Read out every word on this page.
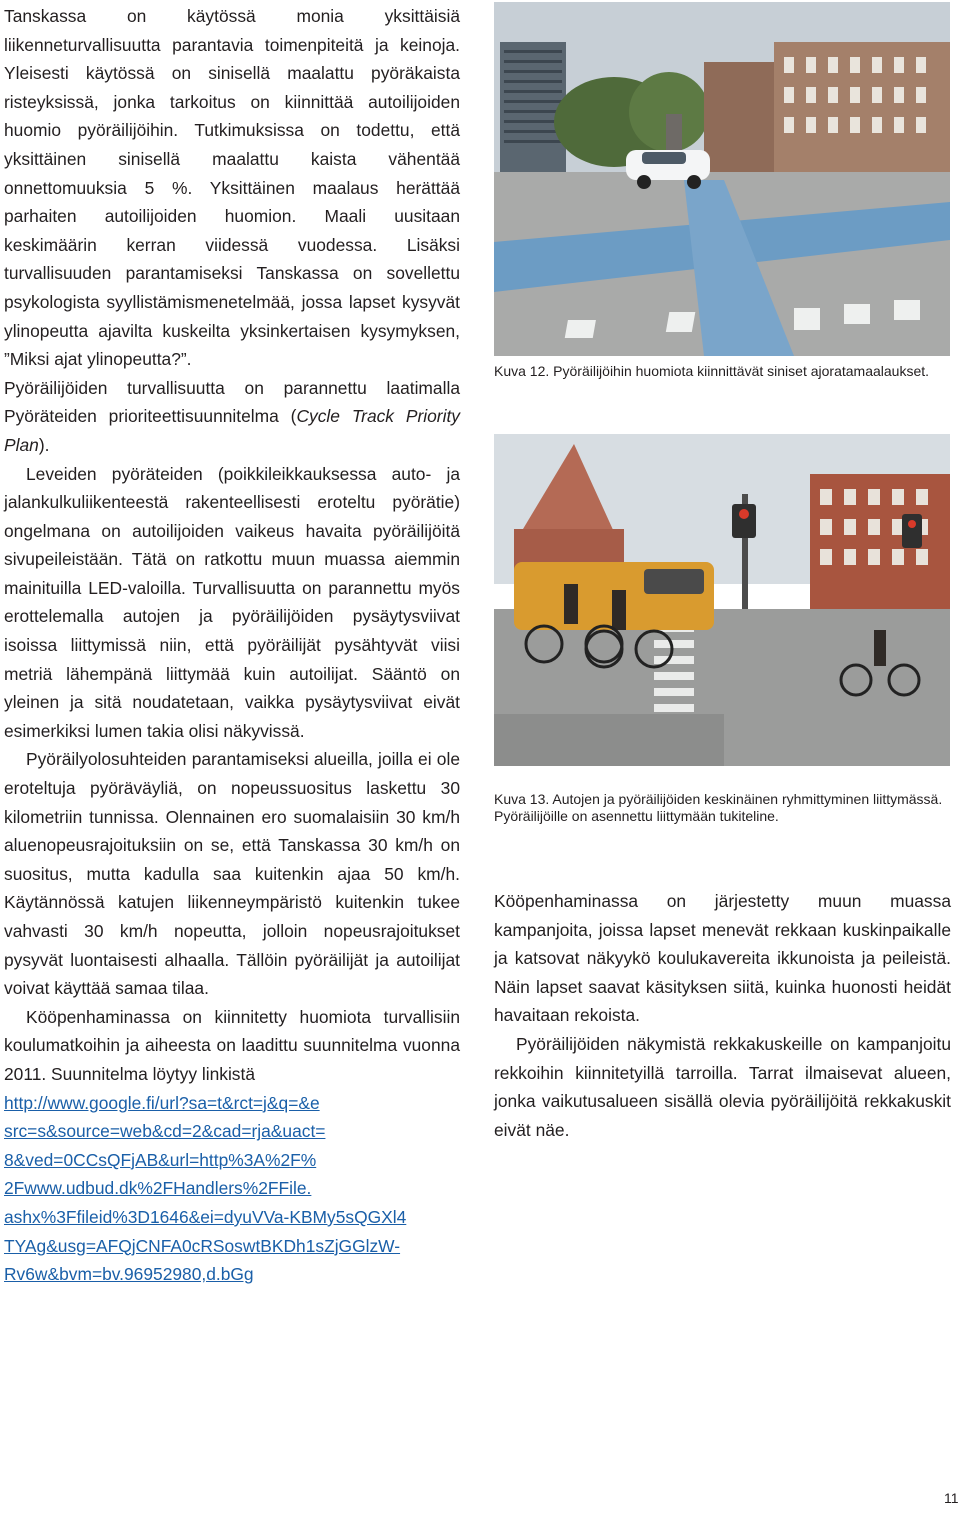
Tanskassa on käytössä monia yksittäisiä liikenneturvallisuutta parantavia toimenpiteitä ja keinoja. Yleisesti käytössä on sinisellä maalattu pyöräkaista risteyksissä, jonka tarkoitus on kiinnittää autoilijoiden huomio pyöräilijöihin. Tutkimuksissa on todettu, että yksittäinen sinisellä maalattu kaista vähentää onnettomuuksia 5 %. Yksittäinen maalaus herättää parhaiten autoilijoiden huomion. Maali uusitaan keskimäärin kerran viidessä vuodessa. Lisäksi turvallisuuden parantamiseksi Tanskassa on sovellettu psykologista syyllistämismenetelmää, jossa lapset kysyvät ylinopeutta ajavilta kuskeilta yksinkertaisen kysymyksen, ”Miksi ajat ylinopeutta?”.

Pyöräilijöiden turvallisuutta on parannettu laatimalla Pyöräteiden prioriteettisuunnitelma (Cycle Track Priority Plan).

Leveiden pyöräteiden (poikkileikkauksessa auto- ja jalankulkuliikenteestä rakenteellisesti eroteltu pyörätie) ongelmana on autoilijoiden vaikeus havaita pyöräilijöitä sivupeileistään. Tätä on ratkottu muun muassa aiemmin mainituilla LED-valoilla. Turvallisuutta on parannettu myös erottelemalla autojen ja pyöräilijöiden pysäytysviivat isoissa liittymissä niin, että pyöräilijät pysähtyvät viisi metriä lähempänä liittymää kuin autoilijat. Sääntö on yleinen ja sitä noudatetaan, vaikka pysäytysviivat eivät esimerkiksi lumen takia olisi näkyvissä.

Pyöräilyolosuhteiden parantamiseksi alueilla, joilla ei ole eroteltuja pyöräväyliä, on nopeussuositus laskettu 30 kilometriin tunnissa. Olennainen ero suomalaisiin 30 km/h aluenopeusrajoituksiin on se, että Tanskassa 30 km/h on suositus, mutta kadulla saa kuitenkin ajaa 50 km/h. Käytännössä katujen liikenneympäristö kuitenkin tukee vahvasti 30 km/h nopeutta, jolloin nopeusrajoitukset pysyvät luontaisesti alhaalla. Tällöin pyöräilijät ja autoilijat voivat käyttää samaa tilaa.

Kööpenhaminassa on kiinnitetty huomiota turvallisiin koulumatkoihin ja aiheesta on laadittu suunnitelma vuonna 2011. Suunnitelma löytyy linkistä

http://www.google.fi/url?sa=t&rct=j&q=&e
src=s&source=web&cd=2&cad=rja&uact=
8&ved=0CCsQFjAB&url=http%3A%2F%
2Fwww.udbud.dk%2FHandlers%2FFile.
ashx%3Ffileid%3D1646&ei=dyuVVa-KBMy5sQGXl4
TYAg&usg=AFQjCNFA0cRSoswtBKDh1sZjGGlzW-
Rv6w&bvm=bv.96952980,d.bGg
Kuva 12. Pyöräilijöihin huomiota kiinnittävät siniset ajoratamaalaukset.
Kuva 13. Autojen ja pyöräilijöiden keskinäinen ryhmittyminen liittymässä. Pyöräilijöille on asennettu liittymään tukiteline.

Kööpenhaminassa on järjestetty muun muassa kampanjoita, joissa lapset menevät rekkaan kuskinpaikalle ja katsovat näkyykö koulukavereita ikkunoista ja peileistä. Näin lapset saavat käsityksen siitä, kuinka huonosti heidät havaitaan rekoista.

Pyöräilijöiden näkymistä rekkakuskeille on kampanjoitu rekkoihin kiinnitetyillä tarroilla. Tarrat ilmaisevat alueen, jonka vaikutusalueen sisällä olevia pyöräilijöitä rekkakuskit eivät näe.

11
